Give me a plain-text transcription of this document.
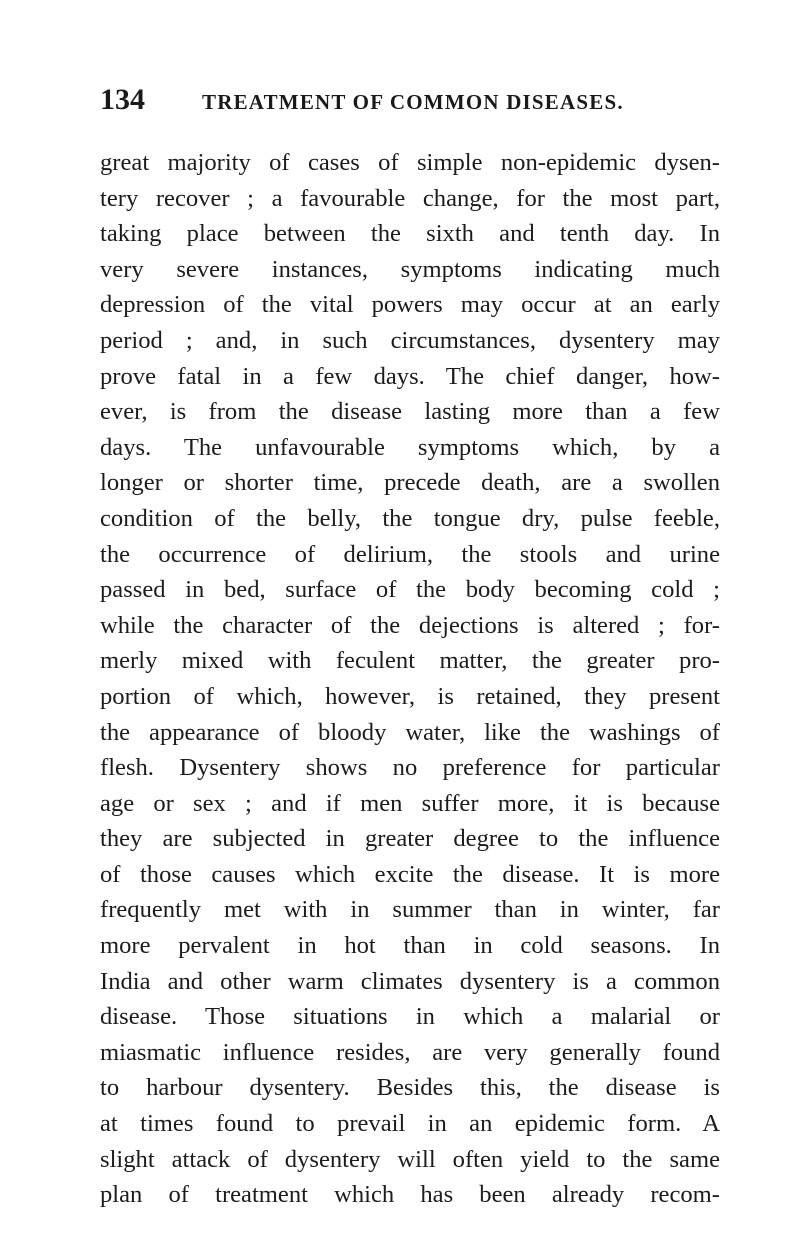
134	TREATMENT OF COMMON DISEASES.
great majority of cases of simple non-epidemic dysen-
tery recover ; a favourable change, for the most part,
taking place between the sixth and tenth day. In
very severe instances, symptoms indicating much
depression of the vital powers may occur at an early
period ; and, in such circumstances, dysentery may
prove fatal in a few days. The chief danger, how-
ever, is from the disease lasting more than a few
days. The unfavourable symptoms which, by a
longer or shorter time, precede death, are a swollen
condition of the belly, the tongue dry, pulse feeble,
the occurrence of delirium, the stools and urine
passed in bed, surface of the body becoming cold ;
while the character of the dejections is altered ; for-
merly mixed with feculent matter, the greater pro-
portion of which, however, is retained, they present
the appearance of bloody water, like the washings of
flesh. Dysentery shows no preference for particular
age or sex ; and if men suffer more, it is because
they are subjected in greater degree to the influence
of those causes which excite the disease. It is more
frequently met with in summer than in winter, far
more pervalent in hot than in cold seasons. In
India and other warm climates dysentery is a common
disease. Those situations in which a malarial or
miasmatic influence resides, are very generally found
to harbour dysentery. Besides this, the disease is
at times found to prevail in an epidemic form. A
slight attack of dysentery will often yield to the same
plan of treatment which has been already recom-
